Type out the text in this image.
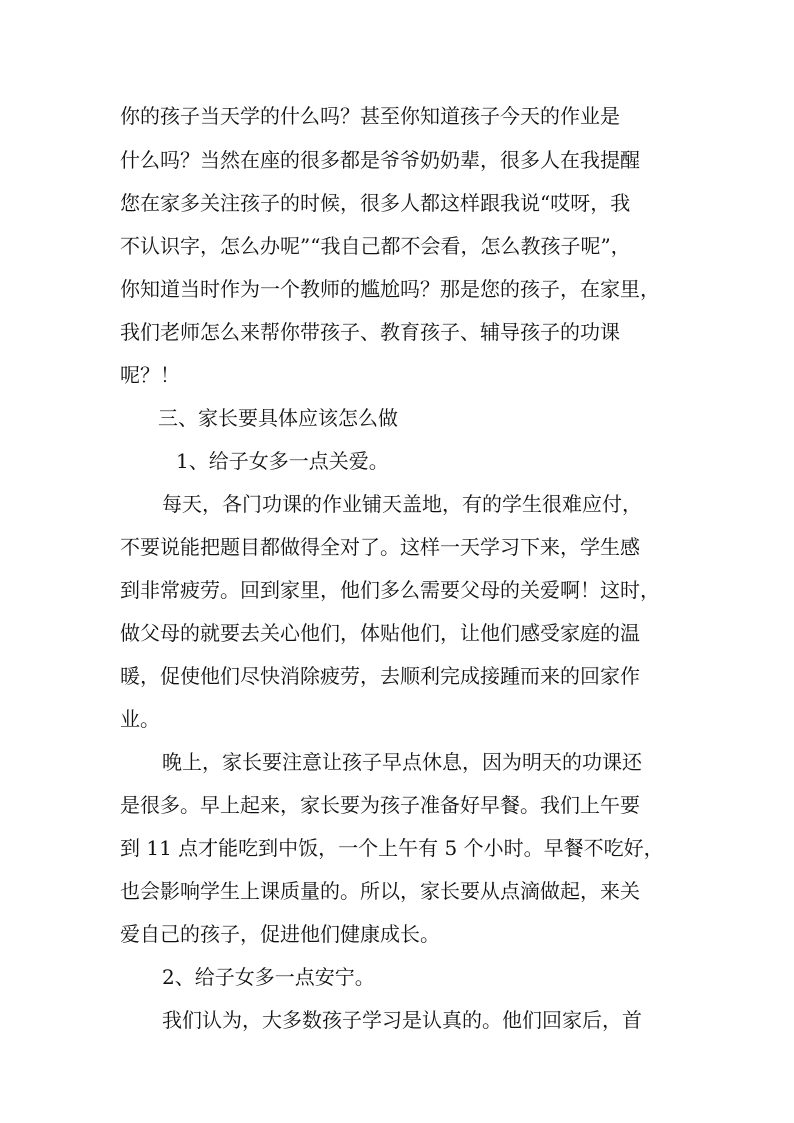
你的孩子当天学的什么吗？甚至你知道孩子今天的作业是
什么吗？当然在座的很多都是爷爷奶奶辈，很多人在我提醒
您在家多关注孩子的时候，很多人都这样跟我说“哎呀，我
不认识字，怎么办呢”“我自己都不会看，怎么教孩子呢”，
你知道当时作为一个教师的尴尬吗？那是您的孩子，在家里，
我们老师怎么来帮你带孩子、教育孩子、辅导孩子的功课
呢？！
三、家长要具体应该怎么做
1、给子女多一点关爱。
每天，各门功课的作业铺天盖地，有的学生很难应付，
不要说能把题目都做得全对了。这样一天学习下来，学生感
到非常疲劳。回到家里，他们多么需要父母的关爱啊！这时，
做父母的就要去关心他们，体贴他们，让他们感受家庭的温
暖，促使他们尽快消除疲劳，去顺利完成接踵而来的回家作
业。
晚上，家长要注意让孩子早点休息，因为明天的功课还
是很多。早上起来，家长要为孩子准备好早餐。我们上午要
到 11 点才能吃到中饭，一个上午有 5 个小时。早餐不吃好，
也会影响学生上课质量的。所以，家长要从点滴做起，来关
爱自己的孩子，促进他们健康成长。
2、给子女多一点安宁。
我们认为，大多数孩子学习是认真的。他们回家后，首
